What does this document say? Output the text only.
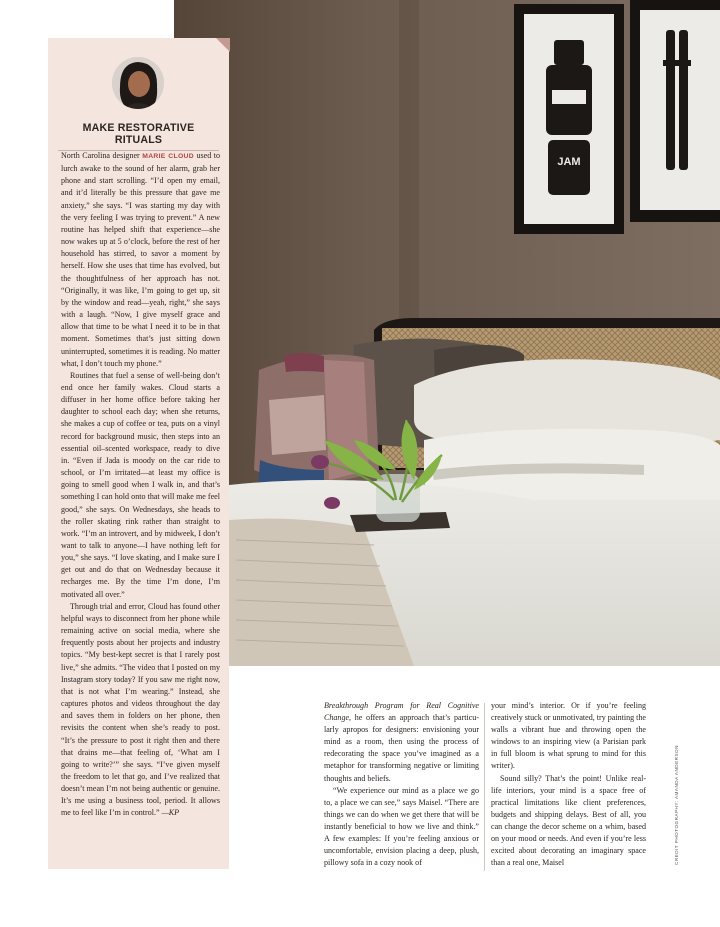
JAM
MAKE RESTORATIVE RITUALS

North Carolina designer MARIE CLOUD used to lurch awake to the sound of her alarm, grab her phone and start scrolling. “I’d open my email, and it’d literally be this pressure that gave me anxiety,” she says. “I was starting my day with the very feeling I was trying to prevent.” A new routine has helped shift that experience—she now wakes up at 5 o’clock, before the rest of her household has stirred, to savor a moment by herself. How she uses that time has evolved, but the thoughtfulness of her approach has not. “Originally, it was like, I’m going to get up, sit by the window and read—yeah, right,” she says with a laugh. “Now, I give myself grace and allow that time to be what I need it to be in that moment. Sometimes that’s just sitting down uninterrupted, sometimes it is reading. No matter what, I don’t touch my phone.”

Routines that fuel a sense of well-being don’t end once her family wakes. Cloud starts a diffuser in her home office before taking her daughter to school each day; when she returns, she makes a cup of coffee or tea, puts on a vinyl record for background music, then steps into an essential oil–scented workspace, ready to dive in. “Even if Jada is moody on the car ride to school, or I’m irritated—at least my office is going to smell good when I walk in, and that’s something I can hold onto that will make me feel good,” she says. On Wednesdays, she heads to the roller skating rink rather than straight to work. “I’m an introvert, and by midweek, I don’t want to talk to anyone—I have nothing left for you,” she says. “I love skating, and I make sure I get out and do that on Wednesday because it recharges me. By the time I’m done, I’m motivated all over.”

Through trial and error, Cloud has found other helpful ways to disconnect from her phone while remaining active on social media, where she frequently posts about her projects and industry topics. “My best-kept secret is that I rarely post live,” she admits. “The video that I posted on my Instagram story today? If you saw me right now, that is not what I’m wearing.” Instead, she captures photos and videos throughout the day and saves them in folders on her phone, then revisits the content when she’s ready to post. “It’s the pressure to post it right then and there that drains me—that feeling of, ‘What am I going to write?’” she says. “I’ve given myself the freedom to let that go, and I’ve realized that doesn’t mean I’m not being authentic or genuine. It’s me using a business tool, period. It allows me to feel like I’m in control.” —KP

Breakthrough Program for Real Cognitive Change, he offers an approach that’s particularly apropos for designers: envisioning your mind as a room, then using the process of redecorating the space you’ve imagined as a metaphor for transforming negative or limiting thoughts and beliefs.

“We experience our mind as a place we go to, a place we can see,” says Maisel. “There are things we can do when we get there that will be instantly beneficial to how we live and think.” A few examples: If you’re feeling anxious or uncomfortable, envision placing a deep, plush, pillowy sofa in a cozy nook of

your mind’s interior. Or if you’re feeling creatively stuck or unmotivated, try painting the walls a vibrant hue and throwing open the windows to an inspiring view (a Parisian park in full bloom is what sprung to mind for this writer).

Sound silly? That’s the point! Unlike real-life interiors, your mind is a space free of practical limitations like client preferences, budgets and shipping delays. Best of all, you can change the decor scheme on a whim, based on your mood or needs. And even if you’re less excited about decorating an imaginary space than a real one, Maisel	CREDIT PHOTOGRAPHY: AMANDA ANDERSON
